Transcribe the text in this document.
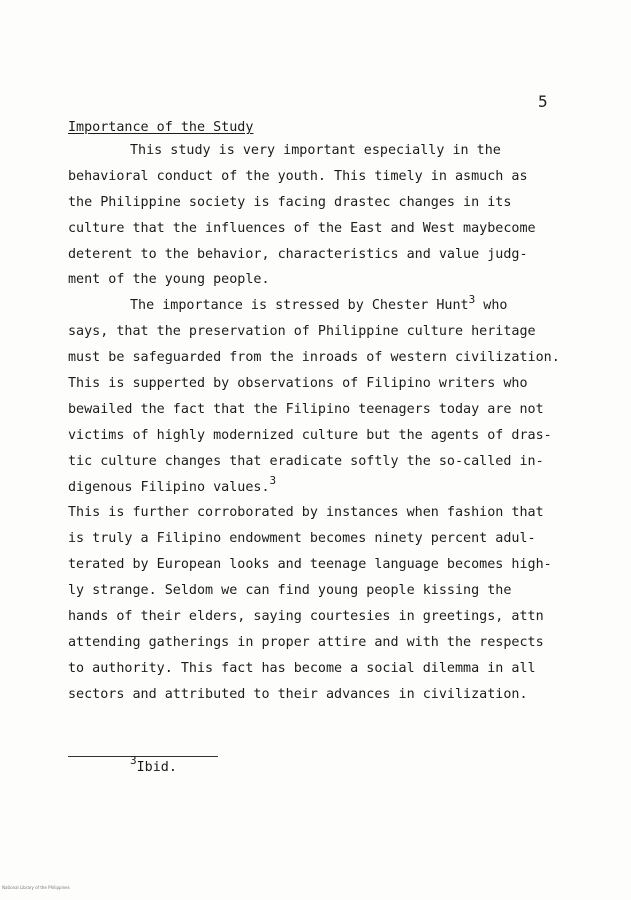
5
Importance of the Study
This study is very important especially in the
behavioral conduct of the youth. This timely in asmuch as
the Philippine society is facing drastec changes in its
culture that the influences of the East and West maybecome
deterent to the behavior, characteristics and value judg-
ment of the young people.
The importance is stressed by Chester Hunt$^3$ who
says, that the preservation of Philippine culture heritage
must be safeguarded from the inroads of western civilization.
This is supperted by observations of Filipino writers who
bewailed the fact that the Filipino teenagers today are not
victims of highly modernized culture but the agents of dras-
tic culture changes that eradicate softly the so-called in-
digenous Filipino values.$^3$
This is further corroborated by instances when fashion that
is truly a Filipino endowment becomes ninety percent adul-
terated by European looks and teenage language becomes high-
ly strange. Seldom we can find young people kissing the
hands of their elders, saying courtesies in greetings, attn
attending gatherings in proper attire and with the respects
to authority. This fact has become a social dilemma in all
sectors and attributed to their advances in civilization.
$^3$Ibid.
National Library of the Philippines
